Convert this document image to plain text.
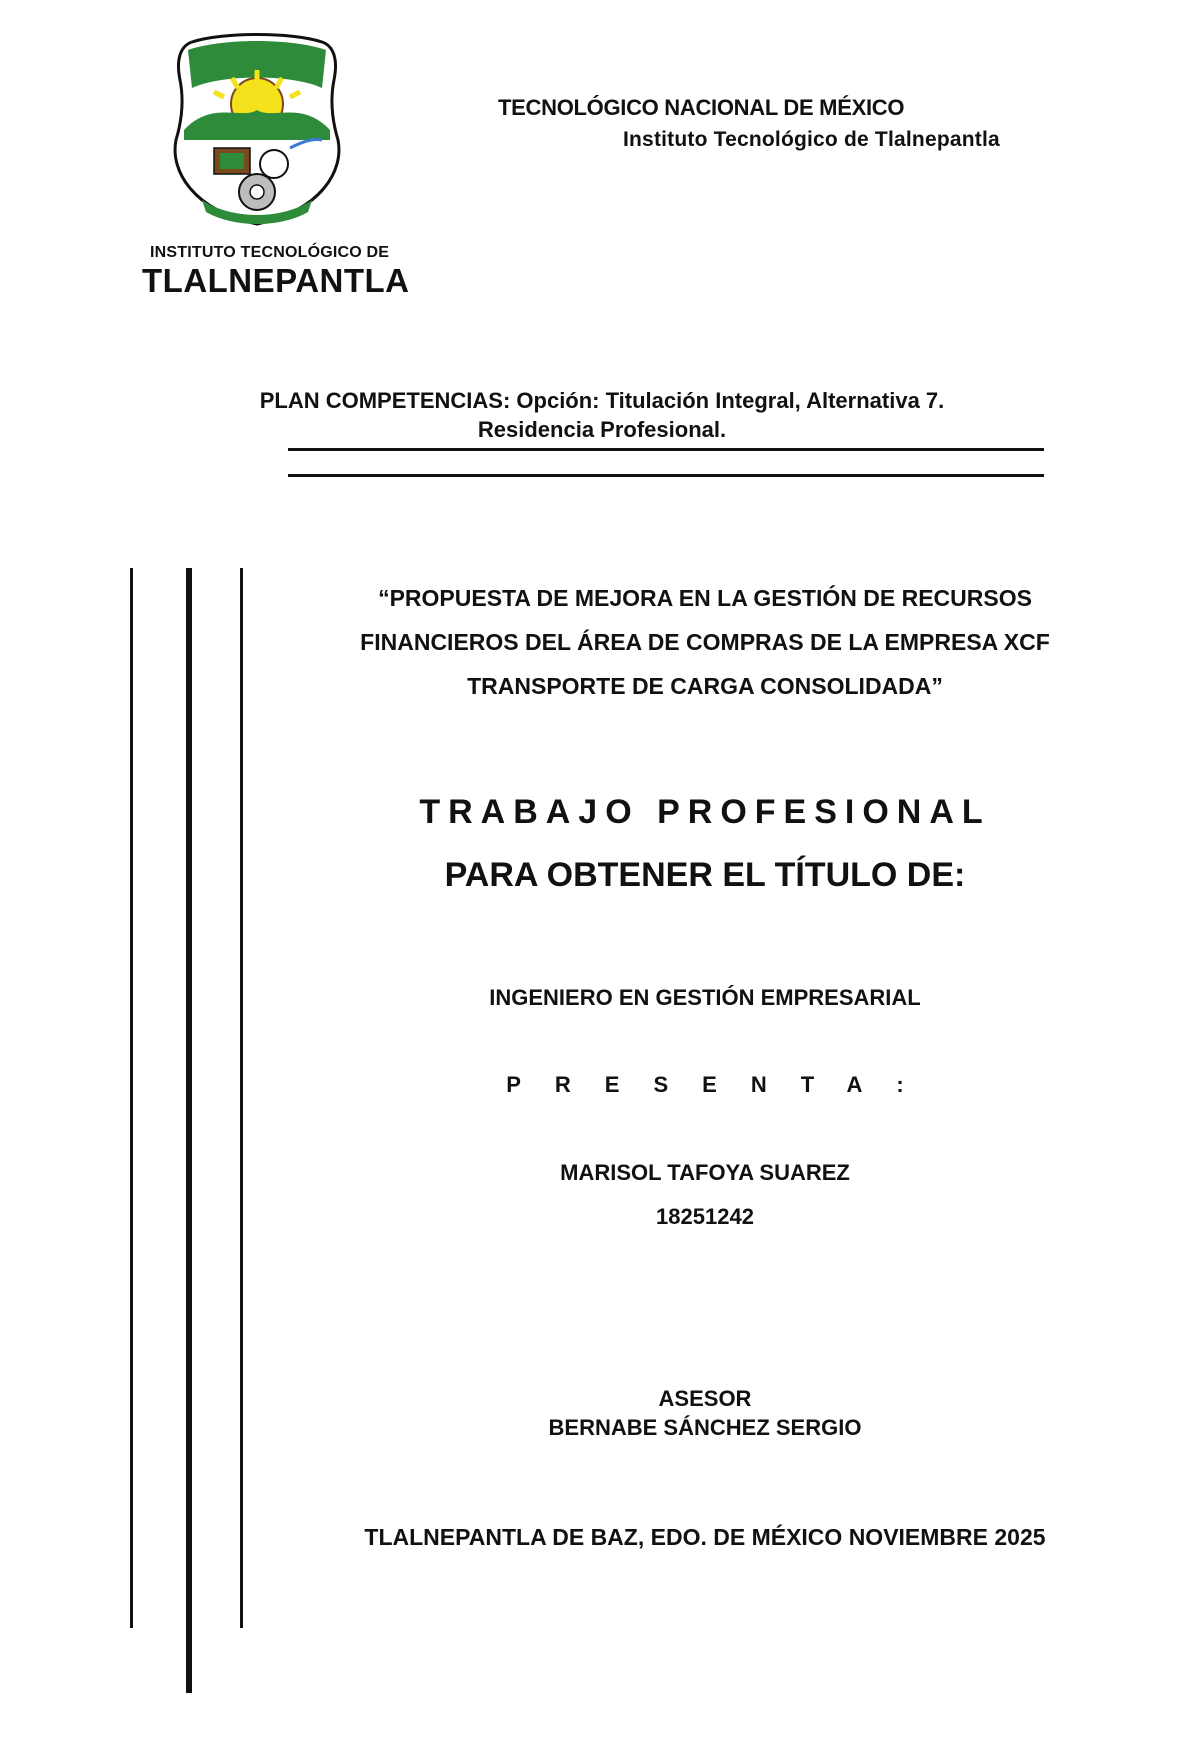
INSTITUTO TECNOLÓGICO DE
TLALNEPANTLA
TECNOLÓGICO NACIONAL DE MÉXICO
Instituto Tecnológico de Tlalnepantla
PLAN COMPETENCIAS: Opción: Titulación Integral, Alternativa 7.
Residencia Profesional.
“PROPUESTA DE MEJORA EN LA GESTIÓN DE RECURSOS FINANCIEROS DEL ÁREA DE COMPRAS DE LA EMPRESA XCF TRANSPORTE DE CARGA CONSOLIDADA”
TRABAJO PROFESIONAL
PARA OBTENER EL TÍTULO DE:
INGENIERO EN GESTIÓN EMPRESARIAL
PRESENTA:
MARISOL TAFOYA SUAREZ
18251242
ASESOR
BERNABE SÁNCHEZ SERGIO
TLALNEPANTLA DE BAZ, EDO. DE MÉXICO NOVIEMBRE 2025
